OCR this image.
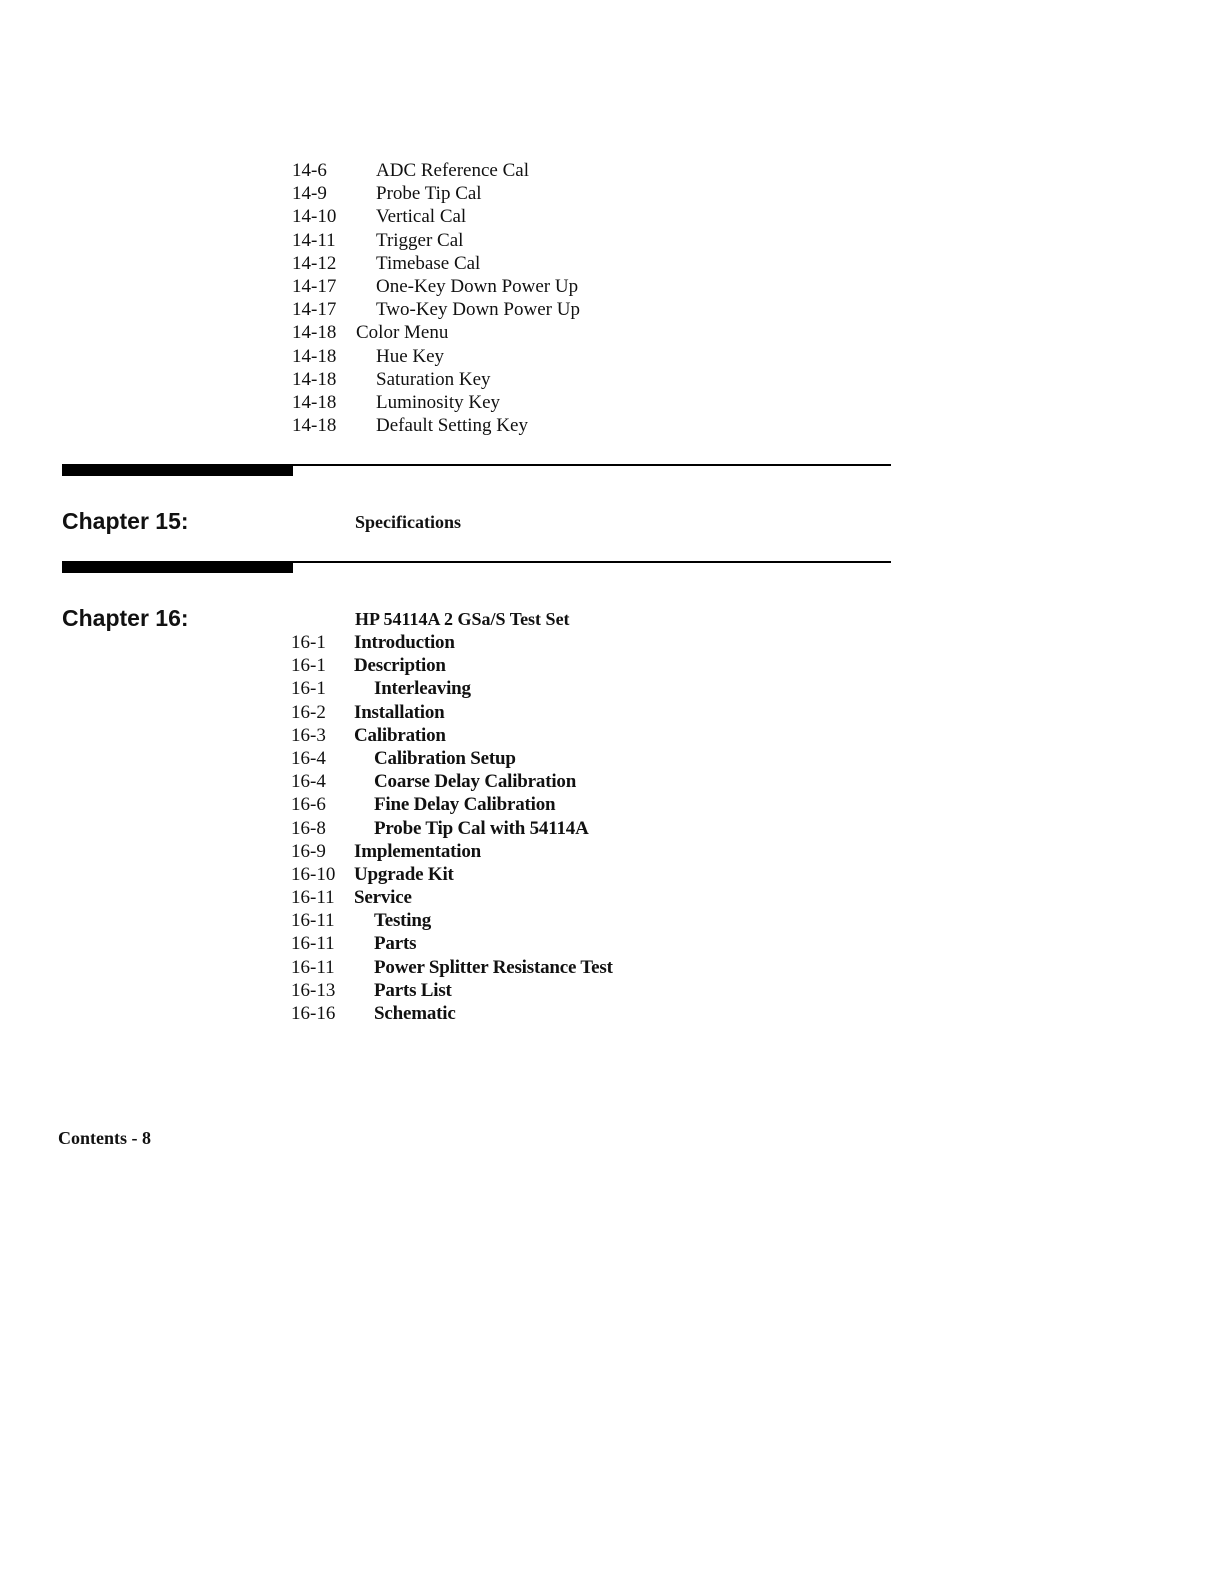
14-6	ADC Reference Cal
14-9	Probe Tip Cal
14-10 Vertical Cal
14-11 Trigger Cal
14-12 Timebase Cal
14-17 One-Key Down Power Up
14-17 Two-Key Down Power Up
14-18 Color Menu
14-18 Hue Key
14-18 Saturation Key
14-18 Luminosity Key
14-18 Default Setting Key
Chapter 15:	Specifications
Chapter 16:	HP 54114A 2 GSa/S Test Set
16-1 Introduction
16-1 Description
16-1	Interleaving
16-2 Installation
16-3 Calibration
16-4	Calibration Setup
16-4	Coarse Delay Calibration
16-6	Fine Delay Calibration
16-8	Probe Tip Cal with 54114A
16-9 Implementation
16-10 Upgrade Kit
16-11 Service
16-11 Testing
16-11 Parts
16-11 Power Splitter Resistance Test
16-13 Parts List
16-16 Schematic
Contents - 8
